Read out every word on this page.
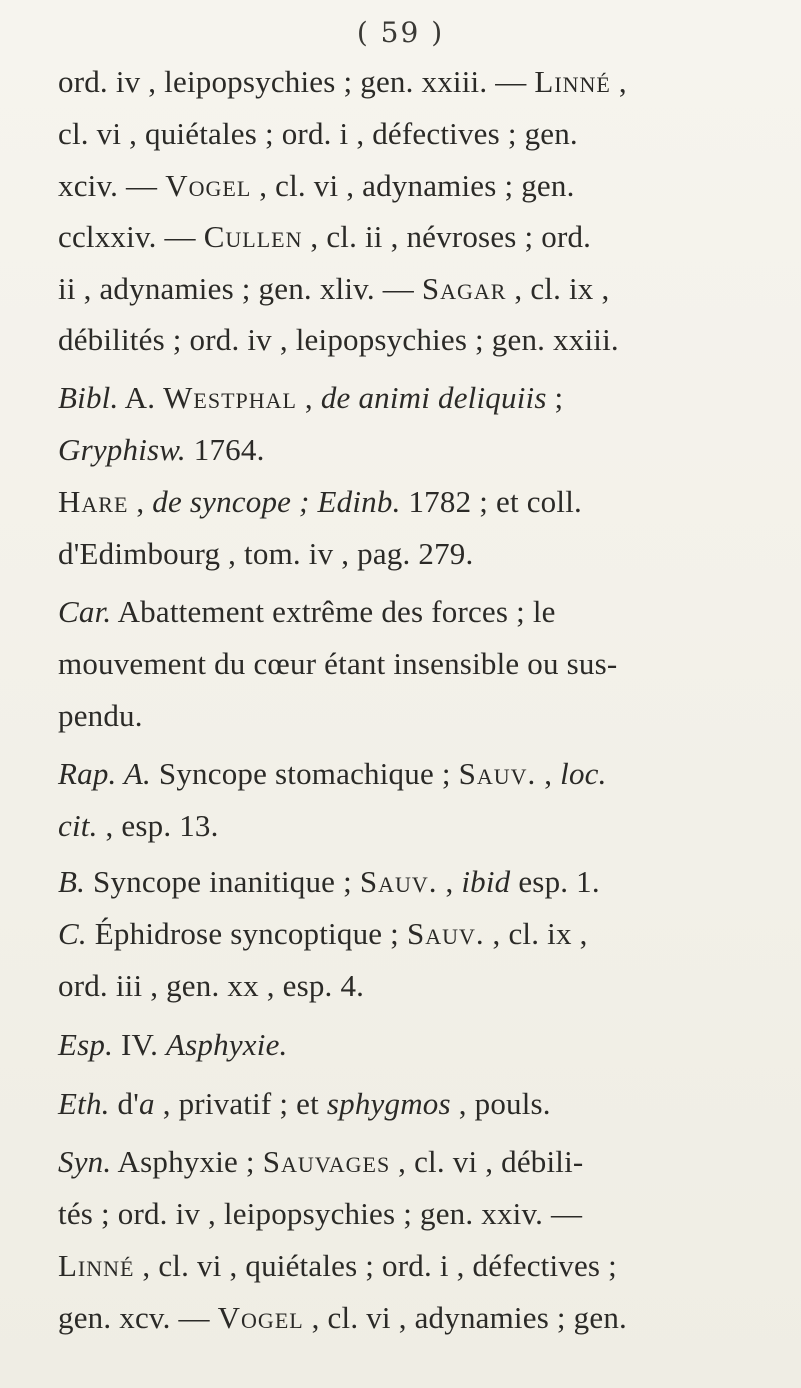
( 59 )
ord. iv , leipopsychies ; gen. xxiii. — Linné ,
cl. vi , quiétales ; ord. i , défectives ; gen.
xciv. — Vogel , cl. vi , adynamies ; gen.
cclxxiv. — Cullen , cl. ii , névroses ; ord.
ii , adynamies ; gen. xliv. — Sagar , cl. ix ,
débilités ; ord. iv , leipopsychies ; gen. xxiii.
Bibl. A. Westphal , de animi deliquiis ;
Gryphisw. 1764.
Hare , de syncope ; Edinb. 1782 ; et coll.
d'Edimbourg , tom. iv , pag. 279.
Car. Abattement extrême des forces ; le
mouvement du cœur étant insensible ou sus-
pendu.
Rap. A. Syncope stomachique ; Sauv. , loc.
cit. , esp. 13.
B. Syncope inanitique ; Sauv. , ibid esp. 1.
C. Éphidrose syncoptique ; Sauv. , cl. ix ,
ord. iii , gen. xx , esp. 4.
Esp. IV. Asphyxie.
Eth. d'a , privatif ; et sphygmos , pouls.
Syn. Asphyxie ; Sauvages , cl. vi , débili-
tés ; ord. iv , leipopsychies ; gen. xxiv. —
Linné , cl. vi , quiétales ; ord. i , défectives ;
gen. xcv. — Vogel , cl. vi , adynamies ; gen.
